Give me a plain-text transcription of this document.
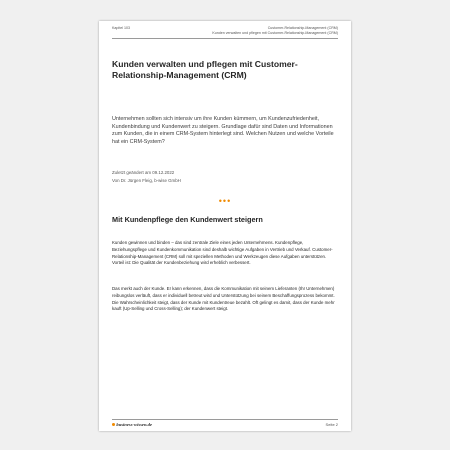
Kapitel 103	Customer-Relationship-Management (CRM)
Kunden verwalten und pflegen mit Customer-Relationship-Management (CRM)
Kunden verwalten und pflegen mit Customer-Relationship-Management (CRM)

Unternehmen sollten sich intensiv um ihre Kunden kümmern, um Kundenzufriedenheit, Kundenbindung und Kundenwert zu steigern. Grundlage dafür sind Daten und Informationen zum Kunden, die in einem CRM-System hinterlegt sind. Welchen Nutzen und welche Vorteile hat ein CRM-System?

Zuletzt geändert am 09.12.2022
Von Dr. Jürgen Fleig, b-wise GmbH
•••
Mit Kundenpflege den Kundenwert steigern

Kunden gewinnen und binden – das sind zentrale Ziele eines jeden Unternehmens. Kundenpflege, Beziehungspflege und Kundenkommunikation sind deshalb wichtige Aufgaben in Vertrieb und Verkauf. Customer-Relationship-Management (CRM) soll mit speziellen Methoden und Werkzeugen diese Aufgaben unterstützen. Vorteil ist: Die Qualität der Kundenbeziehung wird erheblich verbessert.

Das merkt auch der Kunde. Er kann erkennen, dass die Kommunikation mit seinem Lieferanten (Ihr Unternehmen) reibungslos verläuft, dass er individuell betreut wird und Unterstützung bei seinem Beschaffungsprozess bekommt. Die Wahrscheinlichkeit steigt, dass der Kunde mit Kundentreue bezahlt. Oft gelingt es damit, dass der Kunde mehr kauft (Up-Selling und Cross-Selling); der Kundenwert steigt.

business-wissen.de	Seite 2
